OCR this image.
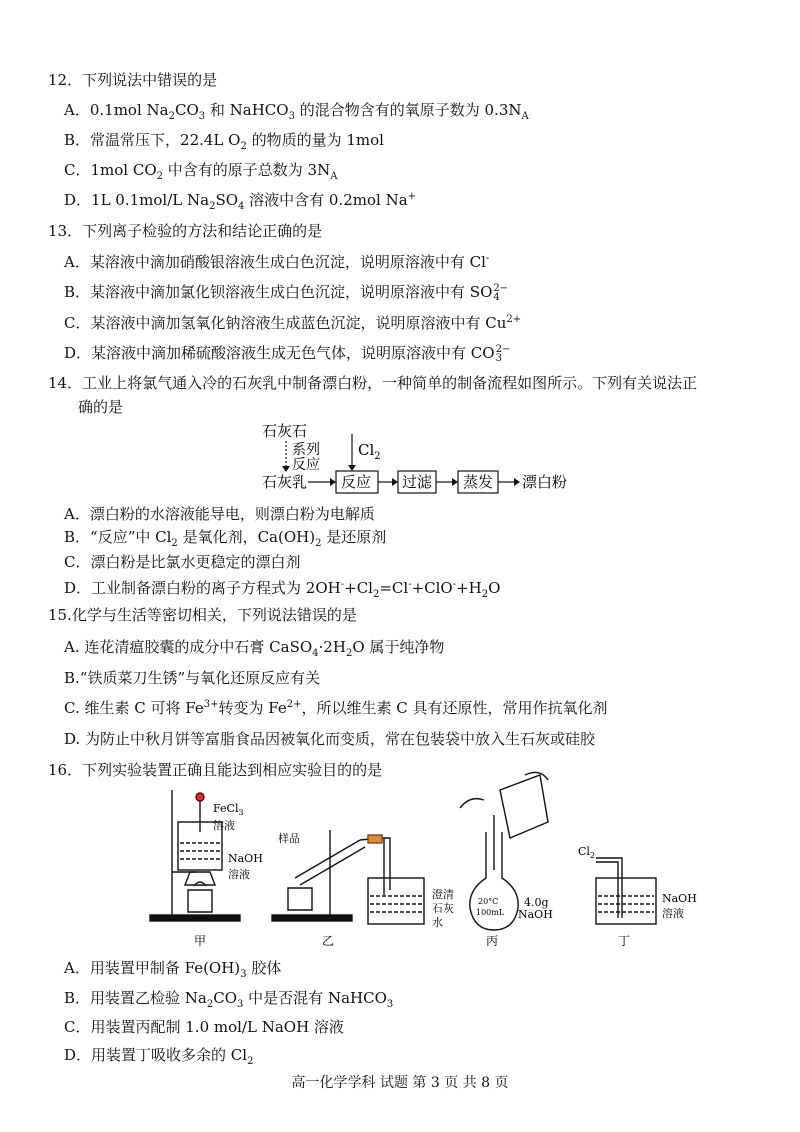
12．下列说法中错误的是
A．0.1mol $Na_2CO_3$ 和 NaHCO$_3$ 的混合物含有的氧原子数为 $0.3N_A$
B．常温常压下，22.4L $O_2$ 的物质的量为 1mol
C．1mol $CO_2$ 中含有的原子总数为 $3N_A$
D．1L 0.1mol/L $Na_2SO_4$ 溶液中含有 0.2mol Na+
13．下列离子检验的方法和结论正确的是
A．某溶液中滴加硝酸银溶液生成白色沉淀，说明原溶液中有 Cl-
B．某溶液中滴加氯化钡溶液生成白色沉淀，说明原溶液中有 SO 2−
4
C．某溶液中滴加氢氧化钠溶液生成蓝色沉淀，说明原溶液中有 $Cu^{2+}$
D．某溶液中滴加稀硫酸溶液生成无色气体，说明原溶液中有 CO 2−
3
14．工业上将氯气通入冷的石灰乳中制备漂白粉，一种简单的制备流程如图所示。下列有关说法正
确的是
石灰石
系列
反应
石灰乳
$Cl_2$
反应 过滤 蒸发 漂白粉
A．漂白粉的水溶液能导电，则漂白粉为电解质
B．“反应”中 $Cl_2$ 是氧化剂，$Ca(OH)_2$ 是还原剂
C．漂白粉是比氯水更稳定的漂白剂
D．工业制备漂白粉的离子方程式为 $2OH^-+Cl_2=Cl^-+ClO^-+H_2O$
15.化学与生活等密切相关，下列说法错误的是
A. 连花清瘟胶囊的成分中石膏 $CaSO_4\cdot 2H_2O$ 属于纯净物
B.“铁质菜刀生锈”与氧化还原反应有关
C. 维生素 C 可将 $Fe^{3+}$转变为 $Fe^{2+}$，所以维生素 C 具有还原性，常用作抗氧化剂
D. 为防止中秋月饼等富脂食品因被氧化而变质，常在包装袋中放入生石灰或硅胶
16．下列实验装置正确且能达到相应实验目的的是
FeCl$_3$
溶液
NaOH
溶液
甲
样品
澄清
石灰
水
乙
20°C
100mL
4.0g
NaOH
丙
$Cl_2$
NaOH
溶液
丁
A．用装置甲制备 $Fe(OH)_3$ 胶体
B．用装置乙检验 $Na_2CO_3$ 中是否混有 NaHCO$_3$
C．用装置丙配制 1.0 mol/L NaOH 溶液
D．用装置丁吸收多余的 $Cl_2$
高一化学学科 试题 第 3 页 共 8 页
